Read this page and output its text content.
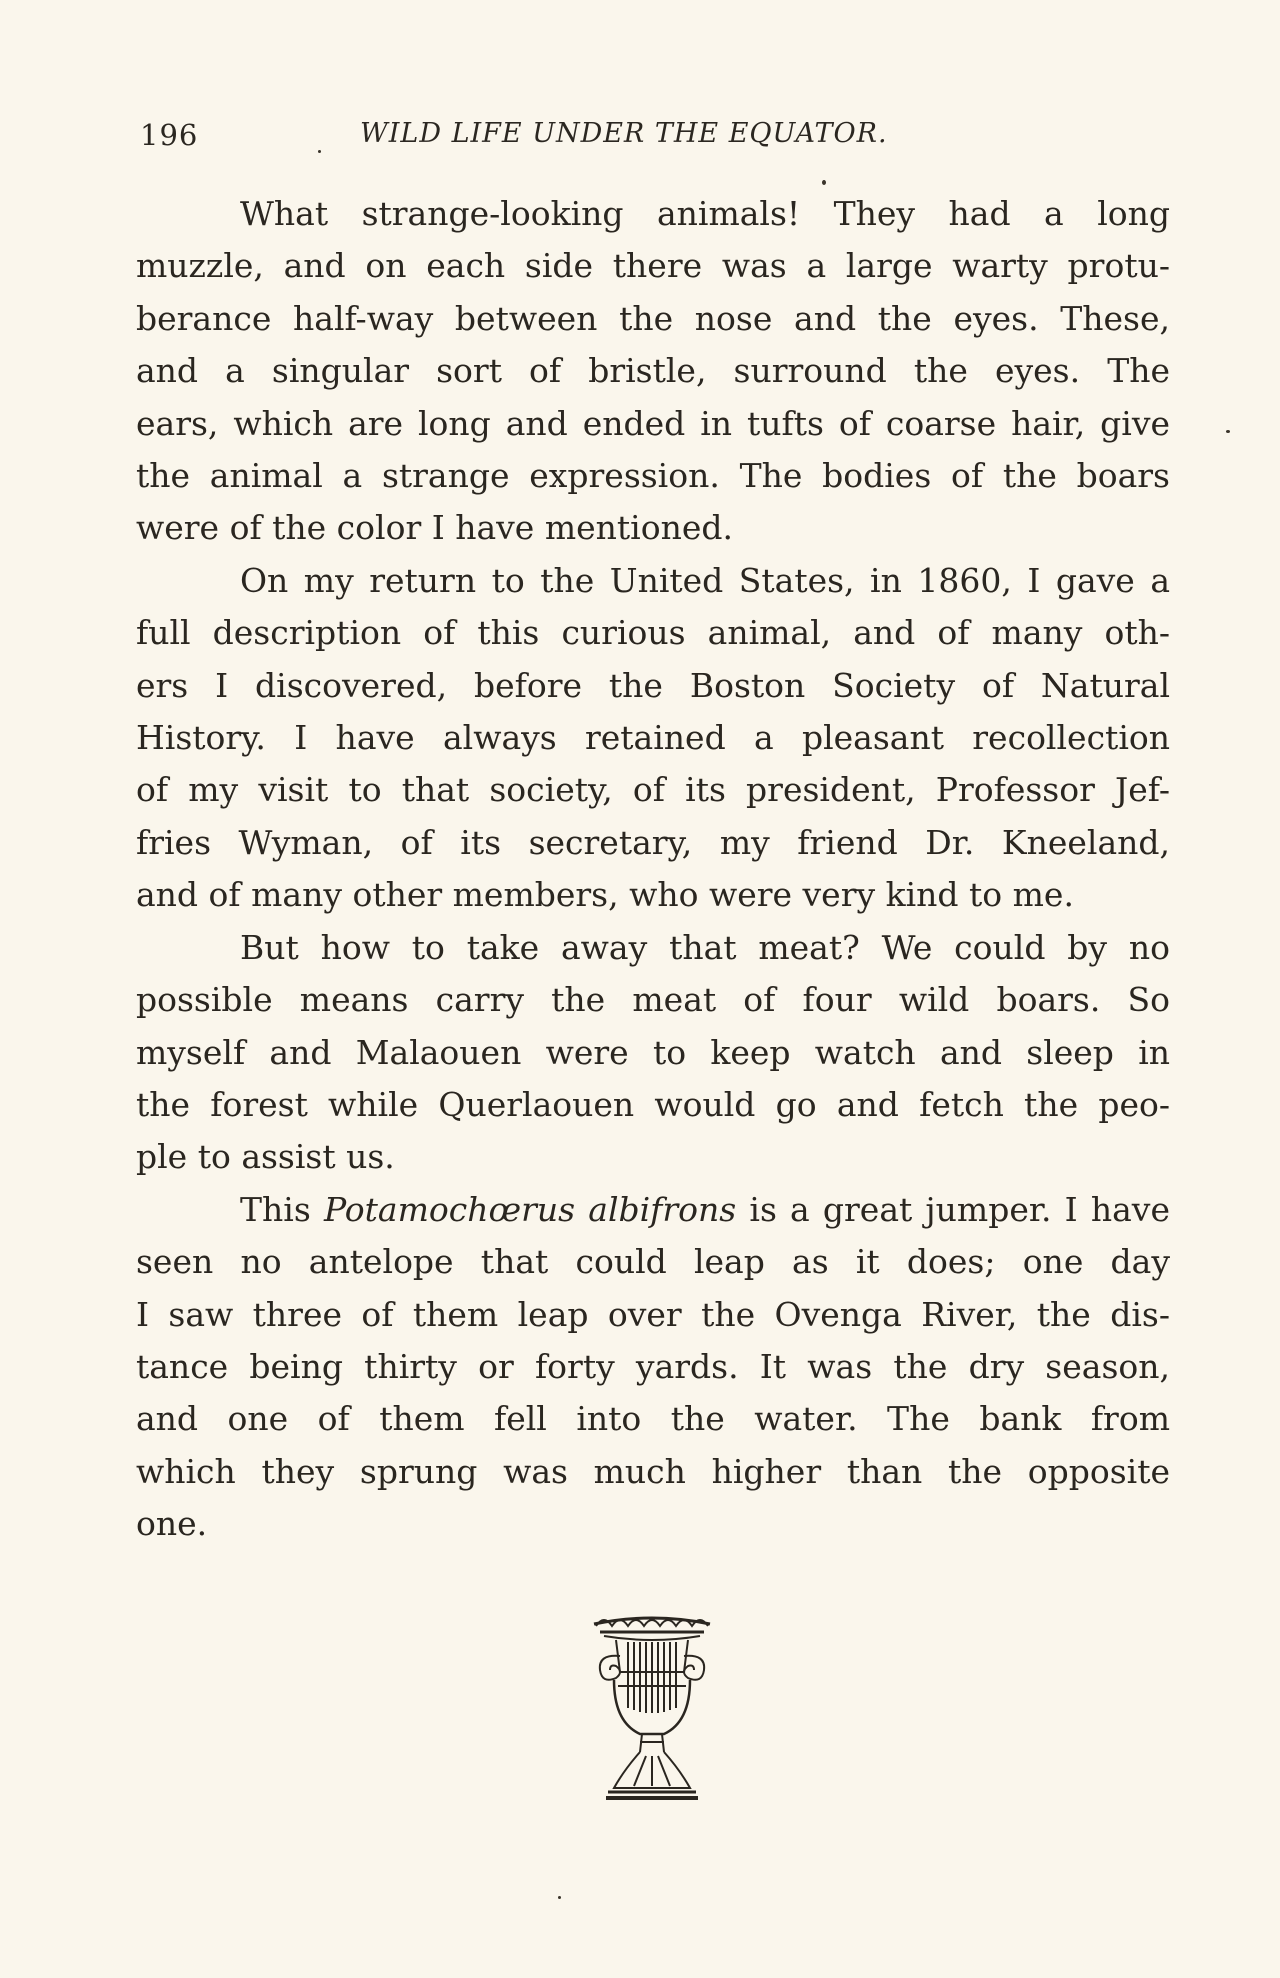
196	WILD LIFE UNDER THE EQUATOR.

What strange-looking animals! They had a long
muzzle, and on each side there was a large warty protu-
berance half-way between the nose and the eyes. These,
and a singular sort of bristle, surround the eyes. The
ears, which are long and ended in tufts of coarse hair, give
the animal a strange expression. The bodies of the boars
were of the color I have mentioned.

On my return to the United States, in 1860, I gave a
full description of this curious animal, and of many oth-
ers I discovered, before the Boston Society of Natural
History. I have always retained a pleasant recollection
of my visit to that society, of its president, Professor Jef-
fries Wyman, of its secretary, my friend Dr. Kneeland,
and of many other members, who were very kind to me.

But how to take away that meat? We could by no
possible means carry the meat of four wild boars. So
myself and Malaouen were to keep watch and sleep in
the forest while Querlaouen would go and fetch the peo-
ple to assist us.

This Potamochœrus albifrons is a great jumper. I have
seen no antelope that could leap as it does; one day
I saw three of them leap over the Ovenga River, the dis-
tance being thirty or forty yards. It was the dry season,
and one of them fell into the water. The bank from
which they sprung was much higher than the opposite
one.
